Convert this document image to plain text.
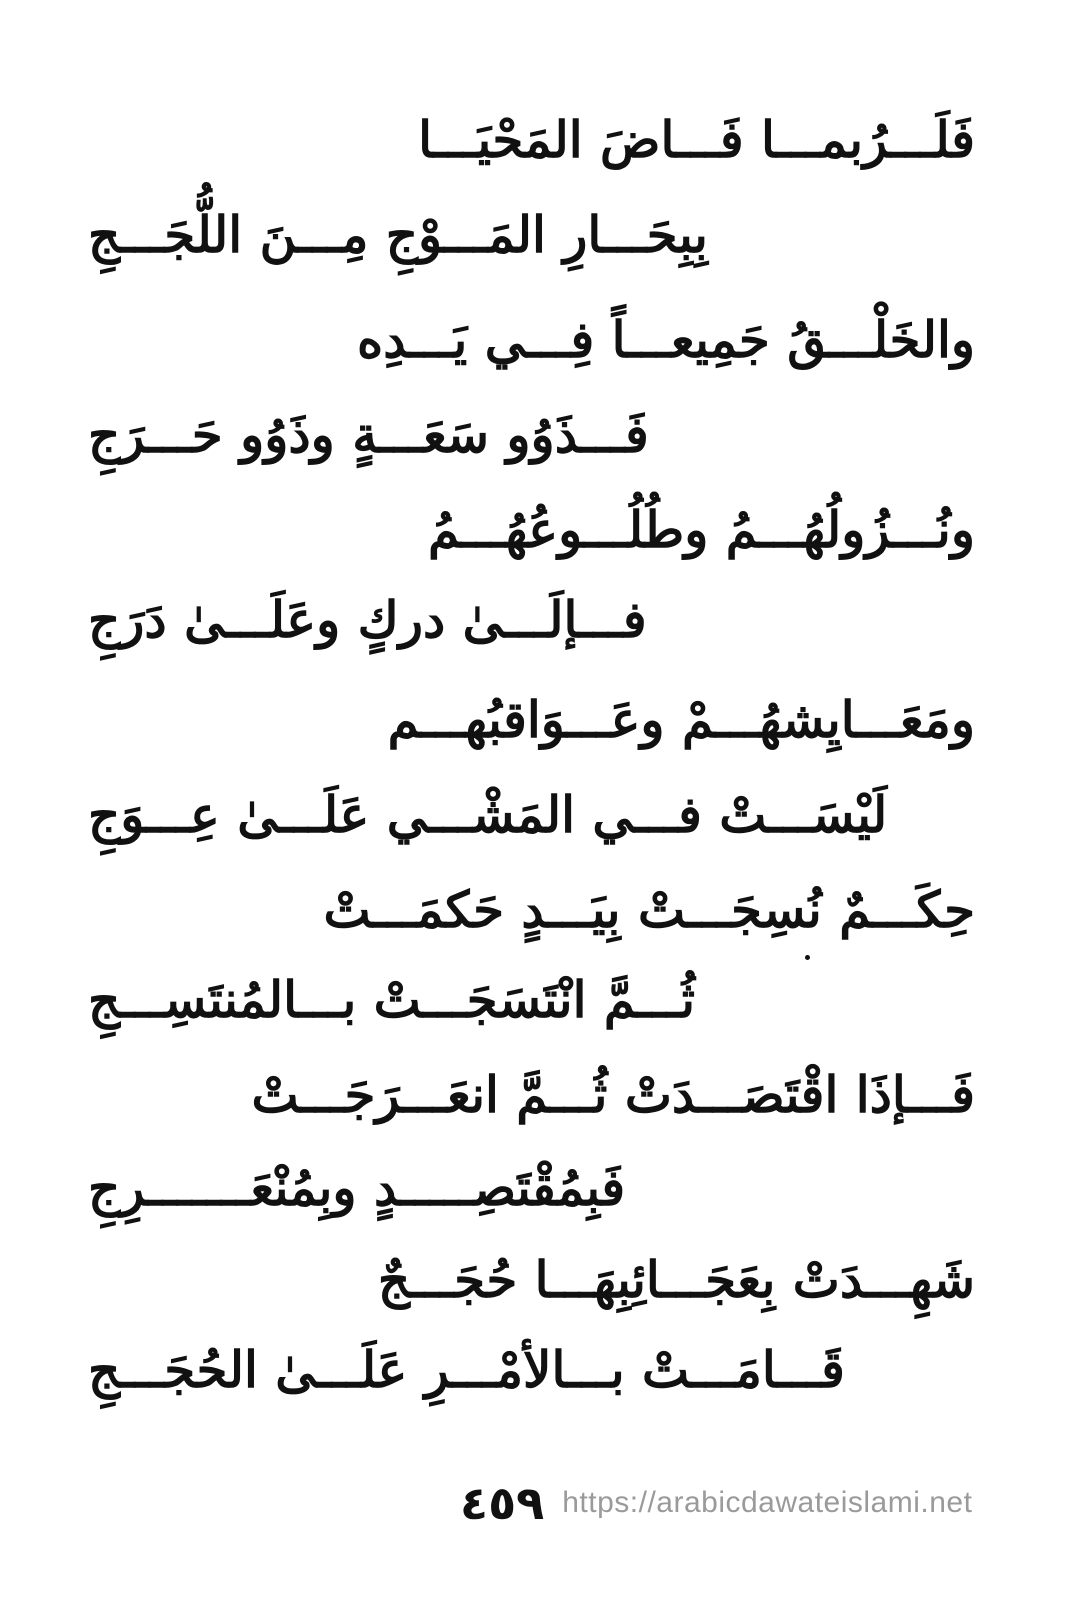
فَلَـــرُبمـــا فَـــاضَ المَحْيَـــا
بِبِحَـــارِ المَـــوْجِ مِـــنَ اللُّجَـــجِ
والخَلْـــقُ جَمِيعـــاً فِـــي يَـــدِه
فَـــذَوُو سَعَـــةٍ وذَوُو حَـــرَجِ
ونُـــزُولُهُـــمُ وطُلُـــوعُهُـــمُ
فـــإلَـــىٰ دركٍ وعَلَـــىٰ دَرَجِ
ومَعَـــايِشهُـــمْ وعَـــوَاقبُهـــم
لَيْسَـــتْ فـــي المَشْـــي عَلَـــىٰ عِـــوَجِ
حِكَـــمٌ نُسِجَـــتْ بِيَـــدٍ حَكمَـــتْ
ثُـــمَّ انْتَسَجَـــتْ بـــالمُنتَسِـــجِ
فَـــإذَا اقْتَصَـــدَتْ ثُـــمَّ انعَـــرَجَـــتْ
فَبِمُقْتَصِـــــدٍ وبِمُنْعَـــــــرِجِ
شَهِـــدَتْ بِعَجَـــائِبِهَـــا حُجَـــجٌ
قَـــامَـــتْ بـــالأمْـــرِ عَلَـــىٰ الحُجَـــجِ
٤٥٩ https://arabicdawateislami.net
